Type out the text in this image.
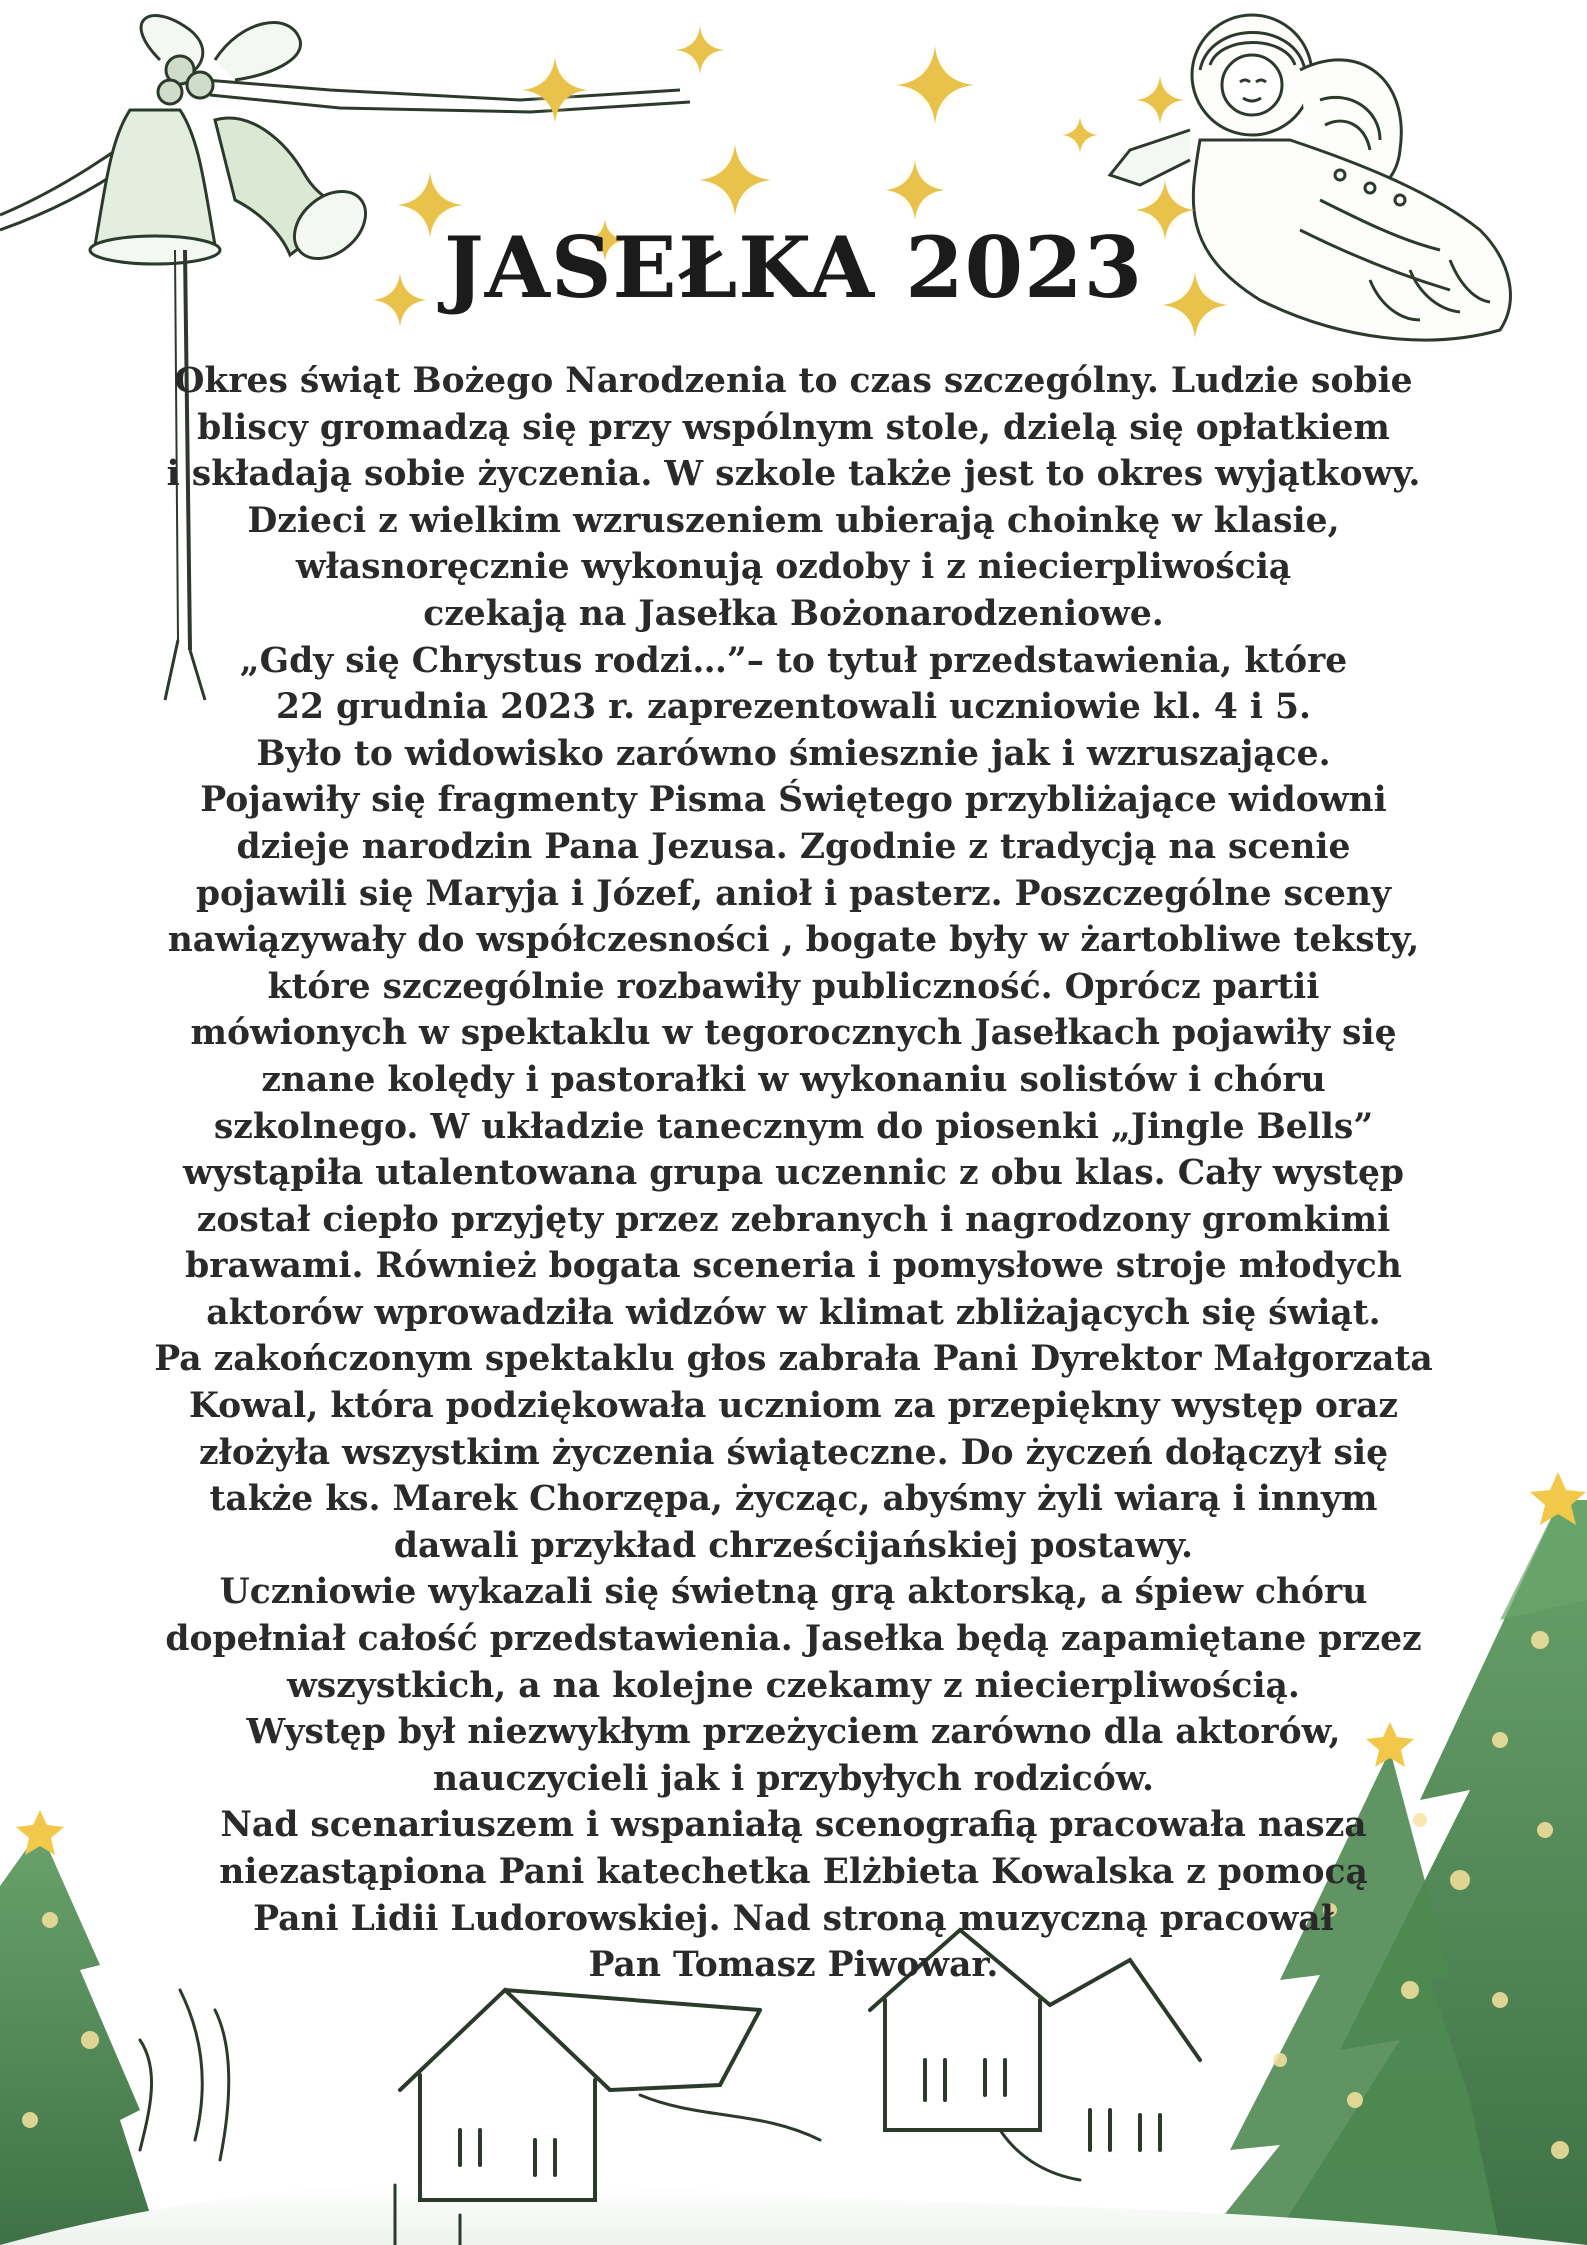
JASEŁKA 2023
Okres świąt Bożego Narodzenia to czas szczególny. Ludzie sobie
bliscy gromadzą się przy wspólnym stole, dzielą się opłatkiem
i składają sobie życzenia. W szkole także jest to okres wyjątkowy.
Dzieci z wielkim wzruszeniem ubierają choinkę w klasie,
własnoręcznie wykonują ozdoby i z niecierpliwością
czekają na Jasełka Bożonarodzeniowe.
„Gdy się Chrystus rodzi…”– to tytuł przedstawienia, które
22 grudnia 2023 r. zaprezentowali uczniowie kl. 4 i 5.
Było to widowisko zarówno śmiesznie jak i wzruszające.
Pojawiły się fragmenty Pisma Świętego przybliżające widowni
dzieje narodzin Pana Jezusa. Zgodnie z tradycją na scenie
pojawili się Maryja i Józef, anioł i pasterz. Poszczególne sceny
nawiązywały do współczesności , bogate były w żartobliwe teksty,
które szczególnie rozbawiły publiczność. Oprócz partii
mówionych w spektaklu w tegorocznych Jasełkach pojawiły się
znane kolędy i pastorałki w wykonaniu solistów i chóru
szkolnego. W układzie tanecznym do piosenki „Jingle Bells”
wystąpiła utalentowana grupa uczennic z obu klas. Cały występ
został ciepło przyjęty przez zebranych i nagrodzony gromkimi
brawami. Również bogata sceneria i pomysłowe stroje młodych
aktorów wprowadziła widzów w klimat zbliżających się świąt.
Pa zakończonym spektaklu głos zabrała Pani Dyrektor Małgorzata
Kowal, która podziękowała uczniom za przepiękny występ oraz
złożyła wszystkim życzenia świąteczne. Do życzeń dołączył się
także ks. Marek Chorzępa, życząc, abyśmy żyli wiarą i innym
dawali przykład chrześcijańskiej postawy.
Uczniowie wykazali się świetną grą aktorską, a śpiew chóru
dopełniał całość przedstawienia. Jasełka będą zapamiętane przez
wszystkich, a na kolejne czekamy z niecierpliwością.
Występ był niezwykłym przeżyciem zarówno dla aktorów,
nauczycieli jak i przybyłych rodziców.
Nad scenariuszem i wspaniałą scenografią pracowała nasza
niezastąpiona Pani katechetka Elżbieta Kowalska z pomocą
Pani Lidii Ludorowskiej. Nad stroną muzyczną pracował
Pan Tomasz Piwowar.
